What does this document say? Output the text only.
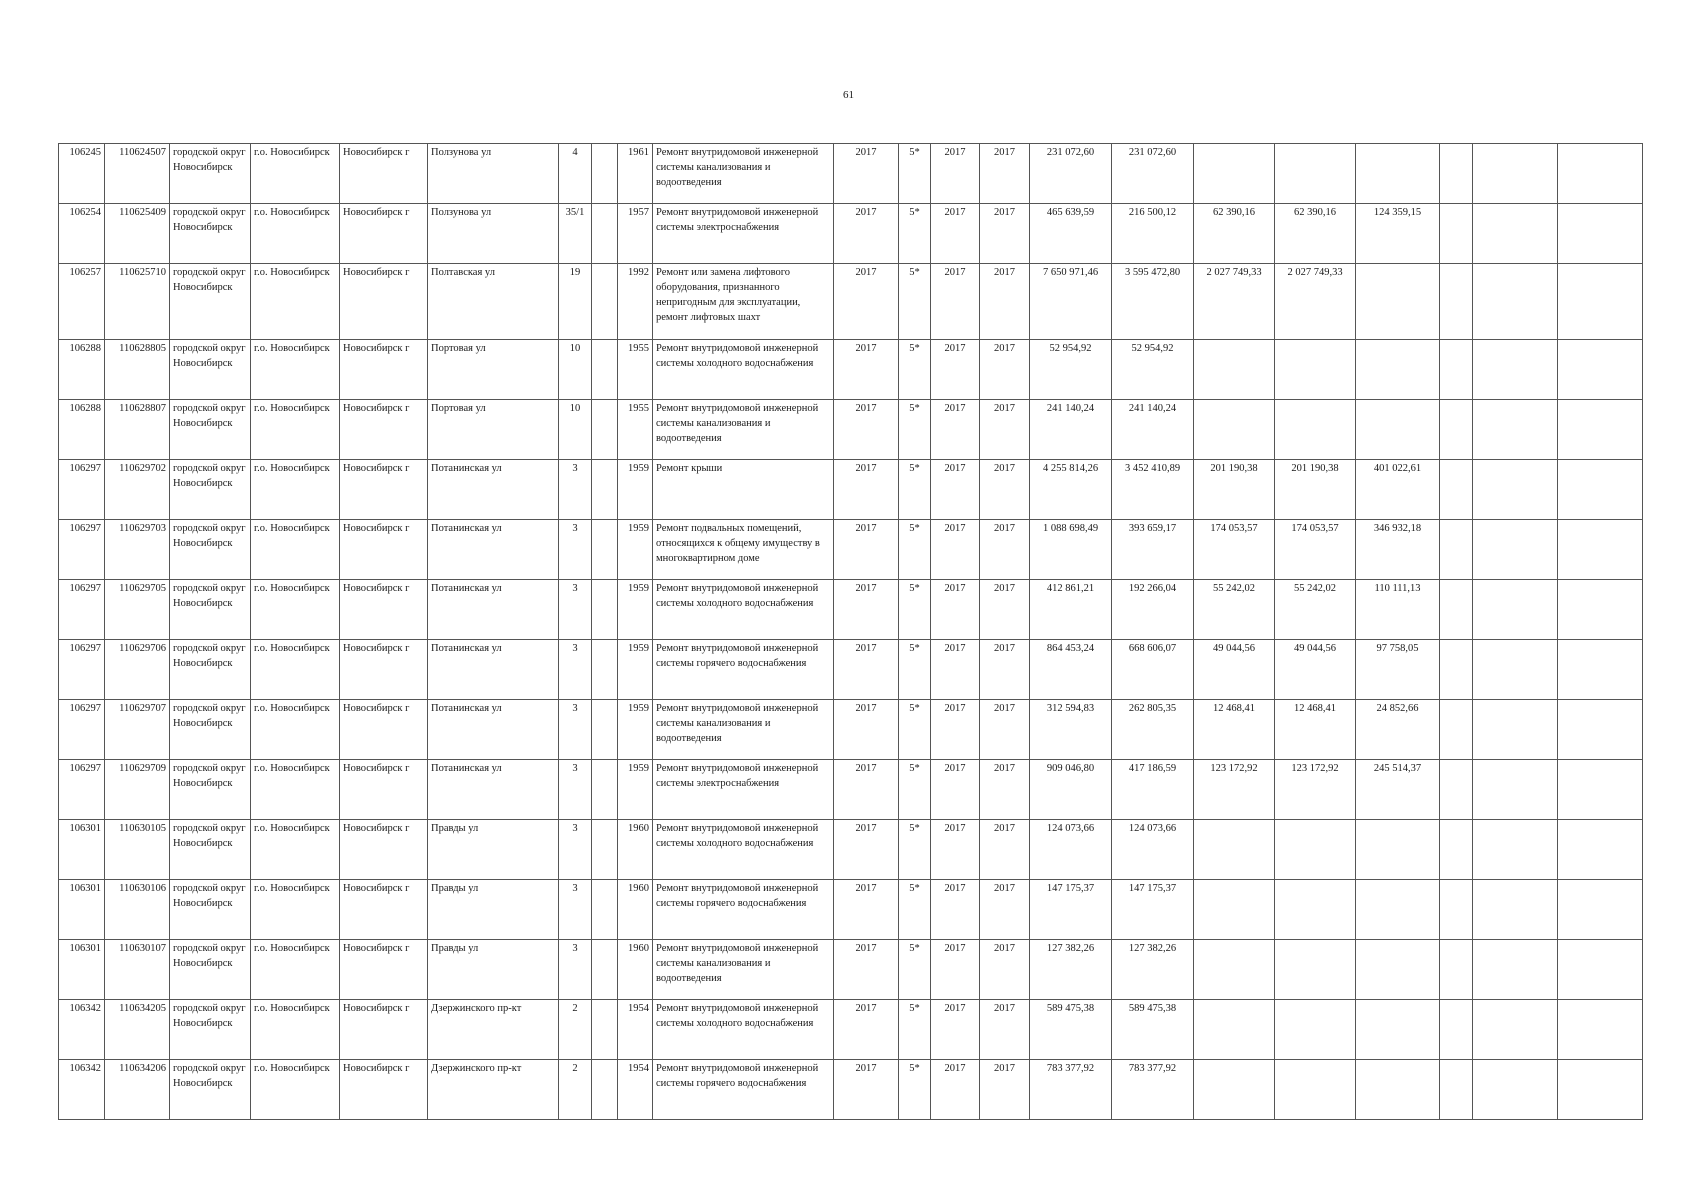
61
106245	110624507	городской округ Новосибирск	г.о. Новосибирск	Новосибирск г	Ползунова ул	4		1961	Ремонт внутридомовой инженерной системы канализования и водоотведения	2017	5*	2017	2017	231 072,60	231 072,60						
106254	110625409	городской округ Новосибирск	г.о. Новосибирск	Новосибирск г	Ползунова ул	35/1		1957	Ремонт внутридомовой инженерной системы электроснабжения	2017	5*	2017	2017	465 639,59	216 500,12	62 390,16	62 390,16	124 359,15			
106257	110625710	городской округ Новосибирск	г.о. Новосибирск	Новосибирск г	Полтавская ул	19		1992	Ремонт или замена лифтового оборудования, признанного непригодным для эксплуатации, ремонт лифтовых шахт	2017	5*	2017	2017	7 650 971,46	3 595 472,80	2 027 749,33	2 027 749,33				
106288	110628805	городской округ Новосибирск	г.о. Новосибирск	Новосибирск г	Портовая ул	10		1955	Ремонт внутридомовой инженерной системы холодного водоснабжения	2017	5*	2017	2017	52 954,92	52 954,92						
106288	110628807	городской округ Новосибирск	г.о. Новосибирск	Новосибирск г	Портовая ул	10		1955	Ремонт внутридомовой инженерной системы канализования и водоотведения	2017	5*	2017	2017	241 140,24	241 140,24						
106297	110629702	городской округ Новосибирск	г.о. Новосибирск	Новосибирск г	Потанинская ул	3		1959	Ремонт крыши	2017	5*	2017	2017	4 255 814,26	3 452 410,89	201 190,38	201 190,38	401 022,61			
106297	110629703	городской округ Новосибирск	г.о. Новосибирск	Новосибирск г	Потанинская ул	3		1959	Ремонт подвальных помещений, относящихся к общему имуществу в многоквартирном доме	2017	5*	2017	2017	1 088 698,49	393 659,17	174 053,57	174 053,57	346 932,18			
106297	110629705	городской округ Новосибирск	г.о. Новосибирск	Новосибирск г	Потанинская ул	3		1959	Ремонт внутридомовой инженерной системы холодного водоснабжения	2017	5*	2017	2017	412 861,21	192 266,04	55 242,02	55 242,02	110 111,13			
106297	110629706	городской округ Новосибирск	г.о. Новосибирск	Новосибирск г	Потанинская ул	3		1959	Ремонт внутридомовой инженерной системы горячего водоснабжения	2017	5*	2017	2017	864 453,24	668 606,07	49 044,56	49 044,56	97 758,05			
106297	110629707	городской округ Новосибирск	г.о. Новосибирск	Новосибирск г	Потанинская ул	3		1959	Ремонт внутридомовой инженерной системы канализования и водоотведения	2017	5*	2017	2017	312 594,83	262 805,35	12 468,41	12 468,41	24 852,66			
106297	110629709	городской округ Новосибирск	г.о. Новосибирск	Новосибирск г	Потанинская ул	3		1959	Ремонт внутридомовой инженерной системы электроснабжения	2017	5*	2017	2017	909 046,80	417 186,59	123 172,92	123 172,92	245 514,37			
106301	110630105	городской округ Новосибирск	г.о. Новосибирск	Новосибирск г	Правды ул	3		1960	Ремонт внутридомовой инженерной системы холодного водоснабжения	2017	5*	2017	2017	124 073,66	124 073,66						
106301	110630106	городской округ Новосибирск	г.о. Новосибирск	Новосибирск г	Правды ул	3		1960	Ремонт внутридомовой инженерной системы горячего водоснабжения	2017	5*	2017	2017	147 175,37	147 175,37						
106301	110630107	городской округ Новосибирск	г.о. Новосибирск	Новосибирск г	Правды ул	3		1960	Ремонт внутридомовой инженерной системы канализования и водоотведения	2017	5*	2017	2017	127 382,26	127 382,26						
106342	110634205	городской округ Новосибирск	г.о. Новосибирск	Новосибирск г	Дзержинского пр-кт	2		1954	Ремонт внутридомовой инженерной системы холодного водоснабжения	2017	5*	2017	2017	589 475,38	589 475,38						
106342	110634206	городской округ Новосибирск	г.о. Новосибирск	Новосибирск г	Дзержинского пр-кт	2		1954	Ремонт внутридомовой инженерной системы горячего водоснабжения	2017	5*	2017	2017	783 377,92	783 377,92						
